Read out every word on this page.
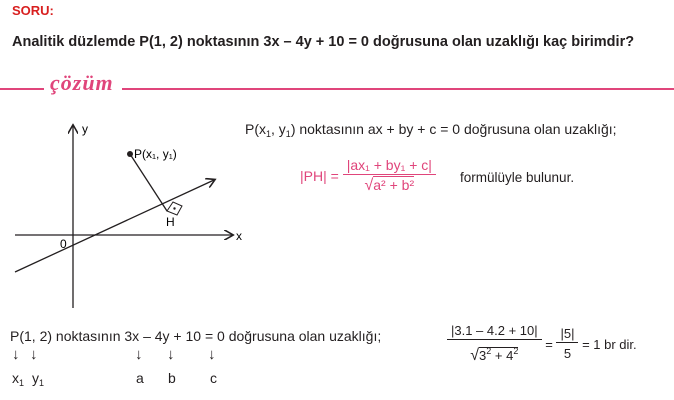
SORU:
Analitik düzlemde P(1, 2) noktasının 3x – 4y + 10 = 0 doğrusuna olan uzaklığı kaç birimdir?
çözüm
y
x
0
P(x₁, y₁)
H
$P(x_1$, $y_1$) noktasının ax + by + c = 0 doğrusuna olan uzaklığı;
$|PH| = \frac{\text{|ax₁ + by₁ + c|}}{\text{√a² + b²}}$ formülüyle bulunur.
P(1, 2) noktasının 3x – 4y + 10 = 0 doğrusuna olan uzaklığı;
↓ ↓	↓ ↓ ↓
$x_1$ $y_1$	a b c
$\frac{|3.1 - 4.2 + 10|}{√3^2 + 4^2} = \frac{|5|}{5} = 1$ br dir.
